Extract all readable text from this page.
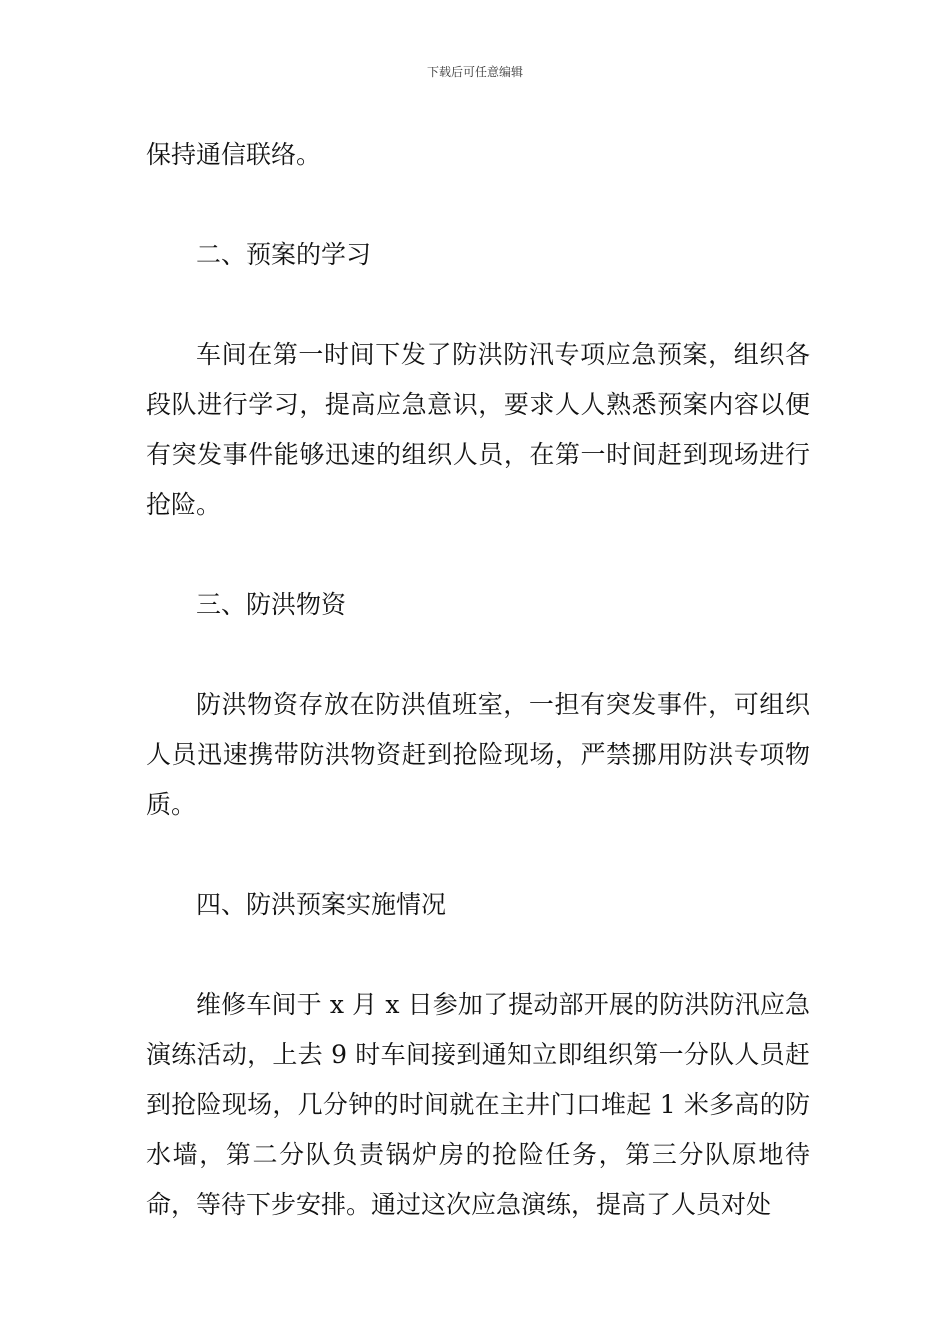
下载后可任意编辑

保持通信联络。

二、预案的学习

车间在第一时间下发了防洪防汛专项应急预案，组织各段队进行学习，提高应急意识，要求人人熟悉预案内容以便有突发事件能够迅速的组织人员，在第一时间赶到现场进行抢险。

三、防洪物资

防洪物资存放在防洪值班室，一担有突发事件，可组织人员迅速携带防洪物资赶到抢险现场，严禁挪用防洪专项物质。

四、防洪预案实施情况

维修车间于 x 月 x 日参加了提动部开展的防洪防汛应急演练活动，上去 9 时车间接到通知立即组织第一分队人员赶到抢险现场，几分钟的时间就在主井门口堆起 1 米多高的防水墙，第二分队负责锅炉房的抢险任务，第三分队原地待命，等待下步安排。通过这次应急演练，提高了人员对处
